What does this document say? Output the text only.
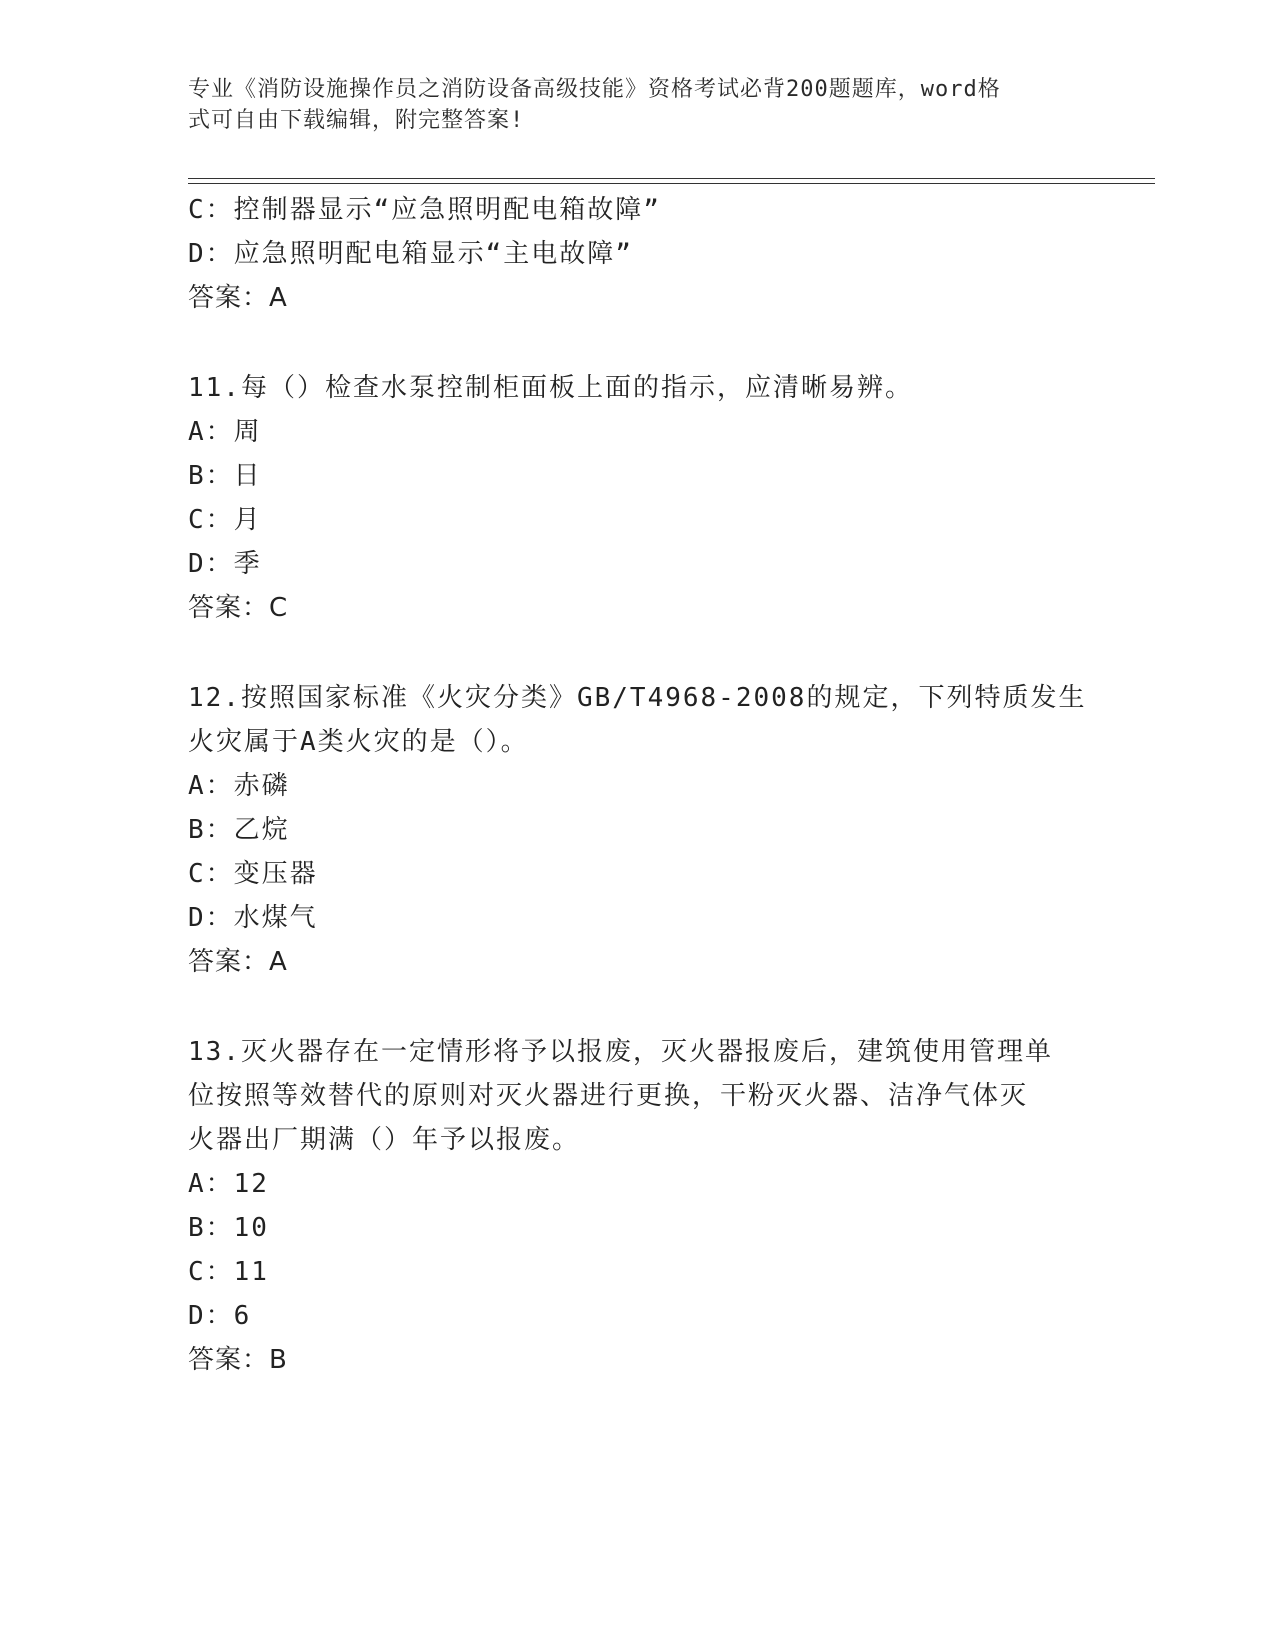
专业《消防设施操作员之消防设备高级技能》资格考试必背200题题库，word格
式可自由下载编辑，附完整答案!
C：控制器显示“应急照明配电箱故障”
D：应急照明配电箱显示“主电故障”
答案：A
11.每（）检查水泵控制柜面板上面的指示，应清晰易辨。
A：周
B：日
C：月
D：季
答案：C
12.按照国家标准《火灾分类》GB/T4968-2008的规定，下列特质发生
火灾属于A类火灾的是（）。
A：赤磷
B：乙烷
C：变压器
D：水煤气
答案：A
13.灭火器存在一定情形将予以报废，灭火器报废后，建筑使用管理单
位按照等效替代的原则对灭火器进行更换，干粉灭火器、洁净气体灭
火器出厂期满（）年予以报废。
A：12
B：10
C：11
D：6
答案：B
